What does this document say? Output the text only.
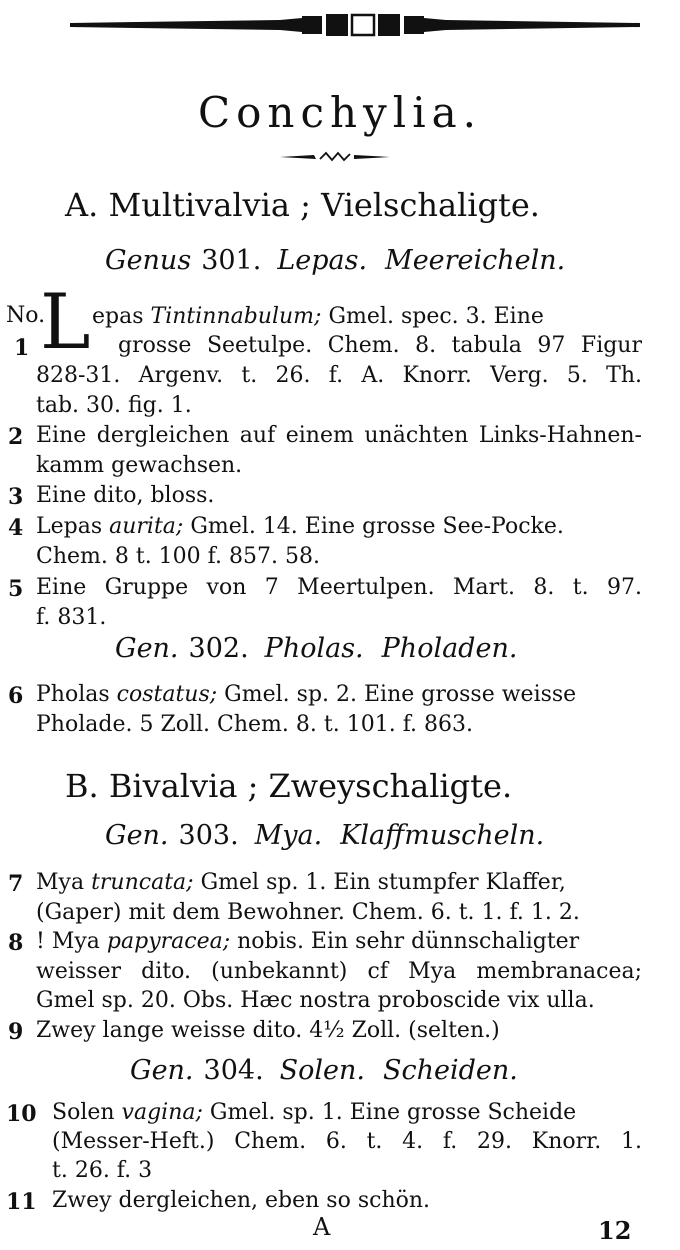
Conchylia.
A. Multivalvia ; Vielschaligte.
Genus 301. Lepas. Meereicheln.
No.
1 L epas Tintinnabulum; Gmel. spec. 3. Eine
grosse Seetulpe. Chem. 8. tabula 97 Figur
828-31. Argenv. t. 26. f. A. Knorr. Verg. 5. Th.
tab. 30. fig. 1.
2 Eine dergleichen auf einem unächten Links-Hahnen-
kamm gewachsen.
3 Eine dito, bloss.
4 Lepas aurita; Gmel. 14. Eine grosse See-Pocke.
Chem. 8 t. 100 f. 857. 58.
5 Eine Gruppe von 7 Meertulpen. Mart. 8. t. 97.
f. 831.
Gen. 302. Pholas. Pholaden.
6 Pholas costatus; Gmel. sp. 2. Eine grosse weisse
Pholade. 5 Zoll. Chem. 8. t. 101. f. 863.
B. Bivalvia ; Zweyschaligte.
Gen. 303. Mya. Klaffmuscheln.
7 Mya truncata; Gmel sp. 1. Ein stumpfer Klaffer,
(Gaper) mit dem Bewohner. Chem. 6. t. 1. f. 1. 2.
8 ! Mya papyracea; nobis. Ein sehr dünnschaligter
weisser dito. (unbekannt) cf Mya membranacea;
Gmel sp. 20. Obs. Hæc nostra proboscide vix ulla.
9 Zwey lange weisse dito. 4½ Zoll. (selten.)
Gen. 304. Solen. Scheiden.
10 Solen vagina; Gmel. sp. 1. Eine grosse Scheide
(Messer-Heft.) Chem. 6. t. 4. f. 29. Knorr. 1.
t. 26. f. 3
11 Zwey dergleichen, eben so schön.
A	12
